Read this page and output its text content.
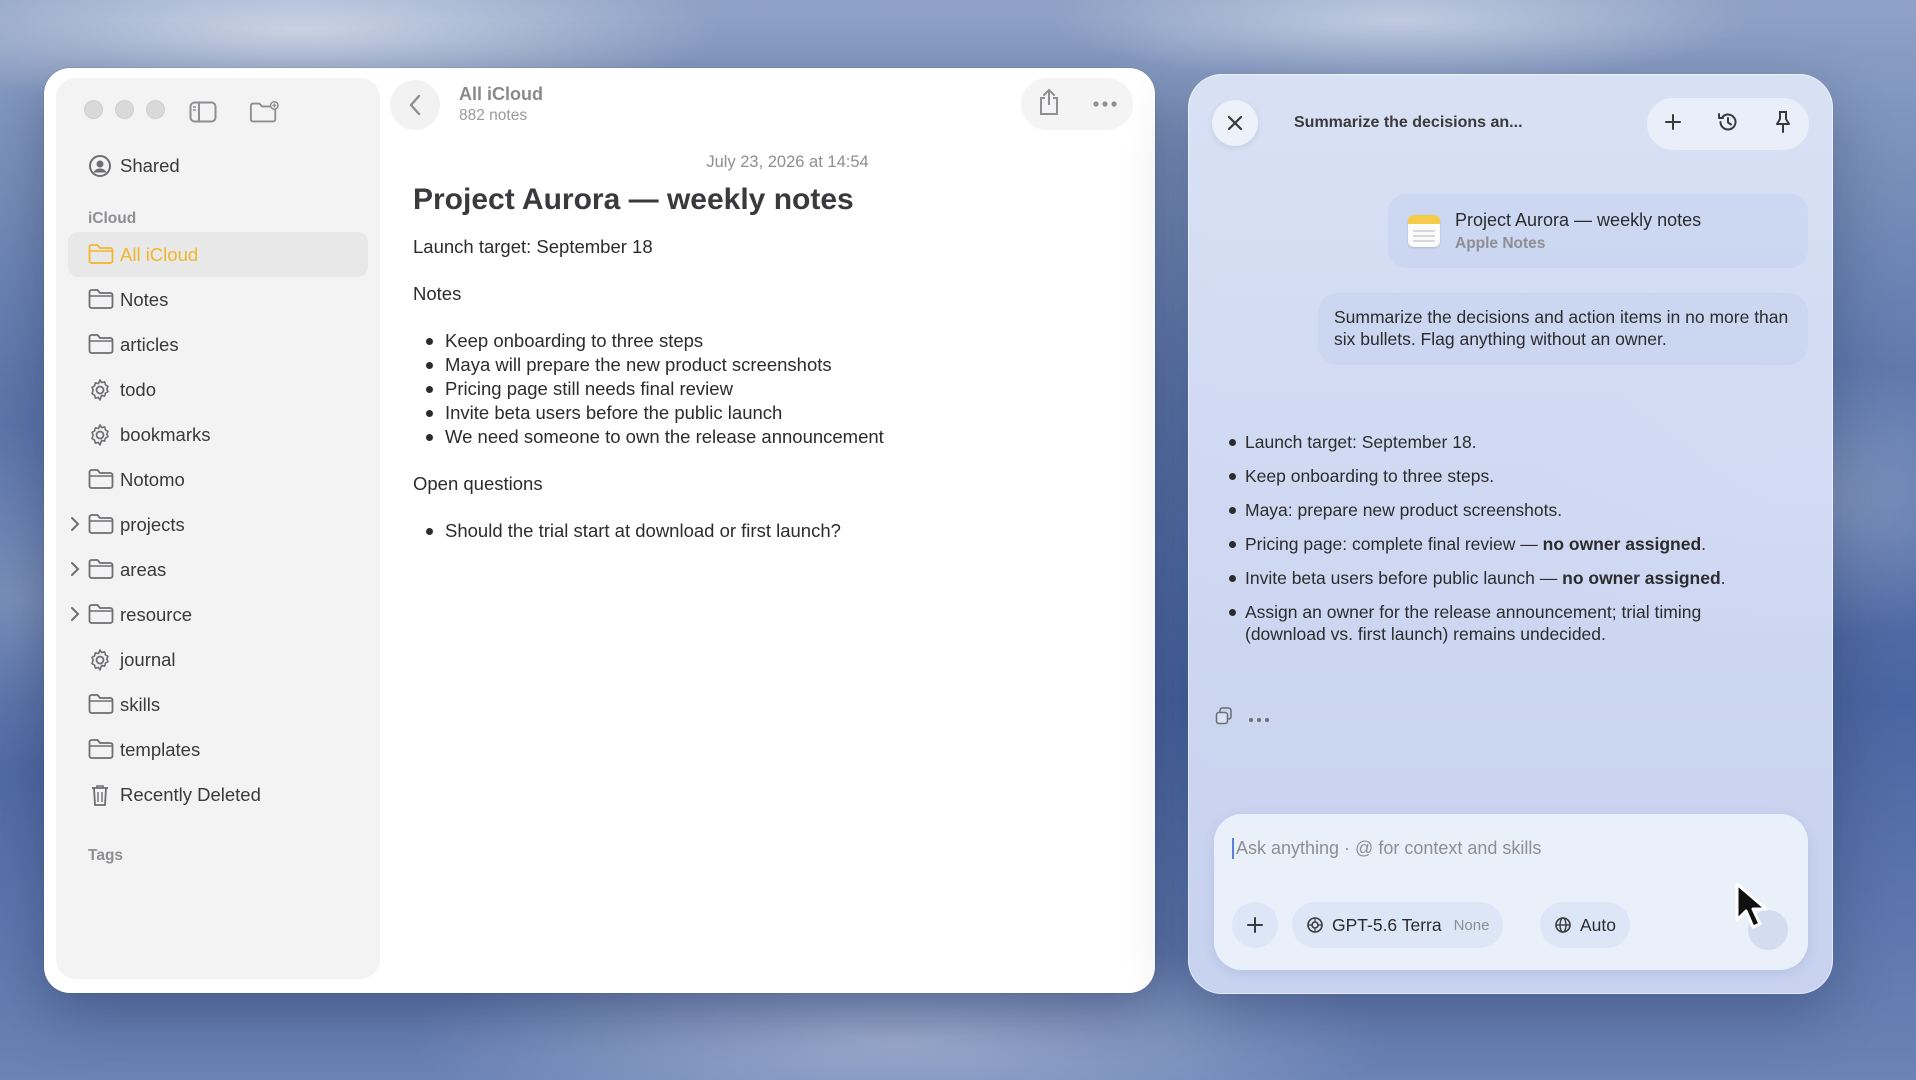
Shared
iCloud
All iCloud
Notes
articles
todo
bookmarks
Notomo
projects
areas
resource
journal
skills
templates
Recently Deleted
Tags
All iCloud
882 notes
July 23, 2026 at 14:54
Project Aurora — weekly notes
Launch target: September 18
Notes
Keep onboarding to three steps
Maya will prepare the new product screenshots
Pricing page still needs final review
Invite beta users before the public launch
We need someone to own the release announcement
Open questions
Should the trial start at download or first launch?
Summarize the decisions an...
Project Aurora — weekly notes
Apple Notes
Summarize the decisions and action items in no more than six bullets. Flag anything without an owner.
Launch target: September 18.
Keep onboarding to three steps.
Maya: prepare new product screenshots.
Pricing page: complete final review — no owner assigned.
Invite beta users before public launch — no owner assigned.
Assign an owner for the release announcement; trial timing (download vs. first launch) remains undecided.
Ask anything · @ for context and skills
GPT-5.6 Terra None	Auto
